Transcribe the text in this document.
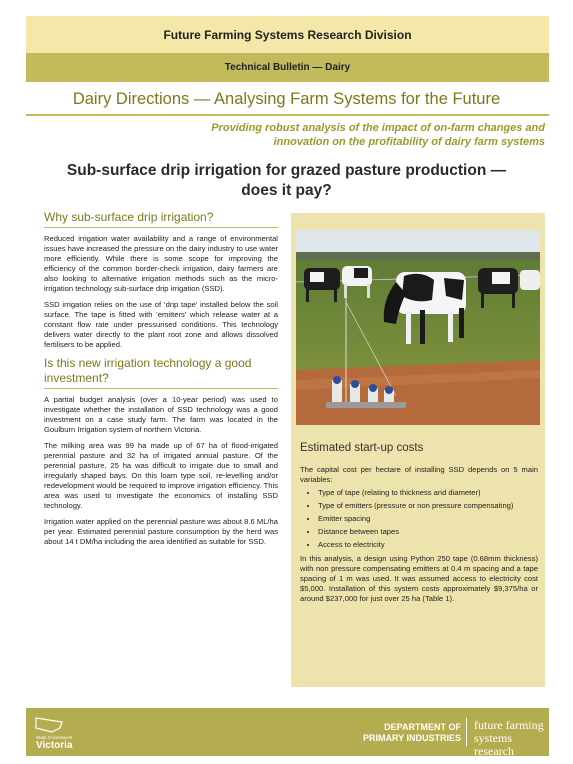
Future Farming Systems Research Division
Technical Bulletin — Dairy
Dairy Directions — Analysing Farm Systems for the Future
Providing robust analysis of the impact of on-farm changes and
innovation on the profitability of dairy farm systems
Sub-surface drip irrigation for grazed pasture production —
does it pay?
Why sub-surface drip irrigation?

Reduced irrigation water availability and a range of environmental issues have increased the pressure on the dairy industry to use water more efficiently. While there is some scope for improving the efficiency of the common border-check irrigation, dairy farmers are also looking to alternative irrigation methods such as the micro-irrigation technology sub-surface drip irrigation (SSD).

SSD irrigation relies on the use of ‘drip tape’ installed below the soil surface. The tape is fitted with ‘emitters’ which release water at a constant flow rate under pressurised conditions. This technology delivers water directly to the plant root zone and allows dissolved fertilisers to be applied.

Is this new irrigation technology a good investment?

A partial budget analysis (over a 10-year period) was used to investigate whether the installation of SSD technology was a good investment on a case study farm. The farm was located in the Goulburn Irrigation system of northern Victoria.

The milking area was 99 ha made up of 67 ha of flood-irrigated perennial pasture and 32 ha of irrigated annual pasture. Of the perennial pasture, 25 ha was difficult to irrigate due to small and irregularly shaped bays. On this loam type soil, re-levelling and/or redevelopment would be required to improve irrigation efficiency. This area was used to investigate the economics of installing SSD technology.

Irrigation water applied on the perennial pasture was about 8.6 ML/ha per year. Estimated perennial pasture consumption by the herd was about 14 t DM/ha including the area identified as suitable for SSD.

Estimated start-up costs

The capital cost per hectare of installing SSD depends on 5 main variables:

• Type of tape (relating to thickness and diameter)
• Type of emitters (pressure or non pressure compensating)
• Emitter spacing
• Distance between tapes
• Access to electricity

In this analysis, a design using Python 250 tape (0.68mm thickness) with non pressure compensating emitters at 0.4 m spacing and a tape spacing of 1 m was used. It was assumed access to electricity cost $5,000. Installation of this system costs approximately $9,375/ha or around $237,000 for just over 25 ha (Table 1).

State Government
Victoria
DEPARTMENT OF
PRIMARY INDUSTRIES
future farming
systems research
